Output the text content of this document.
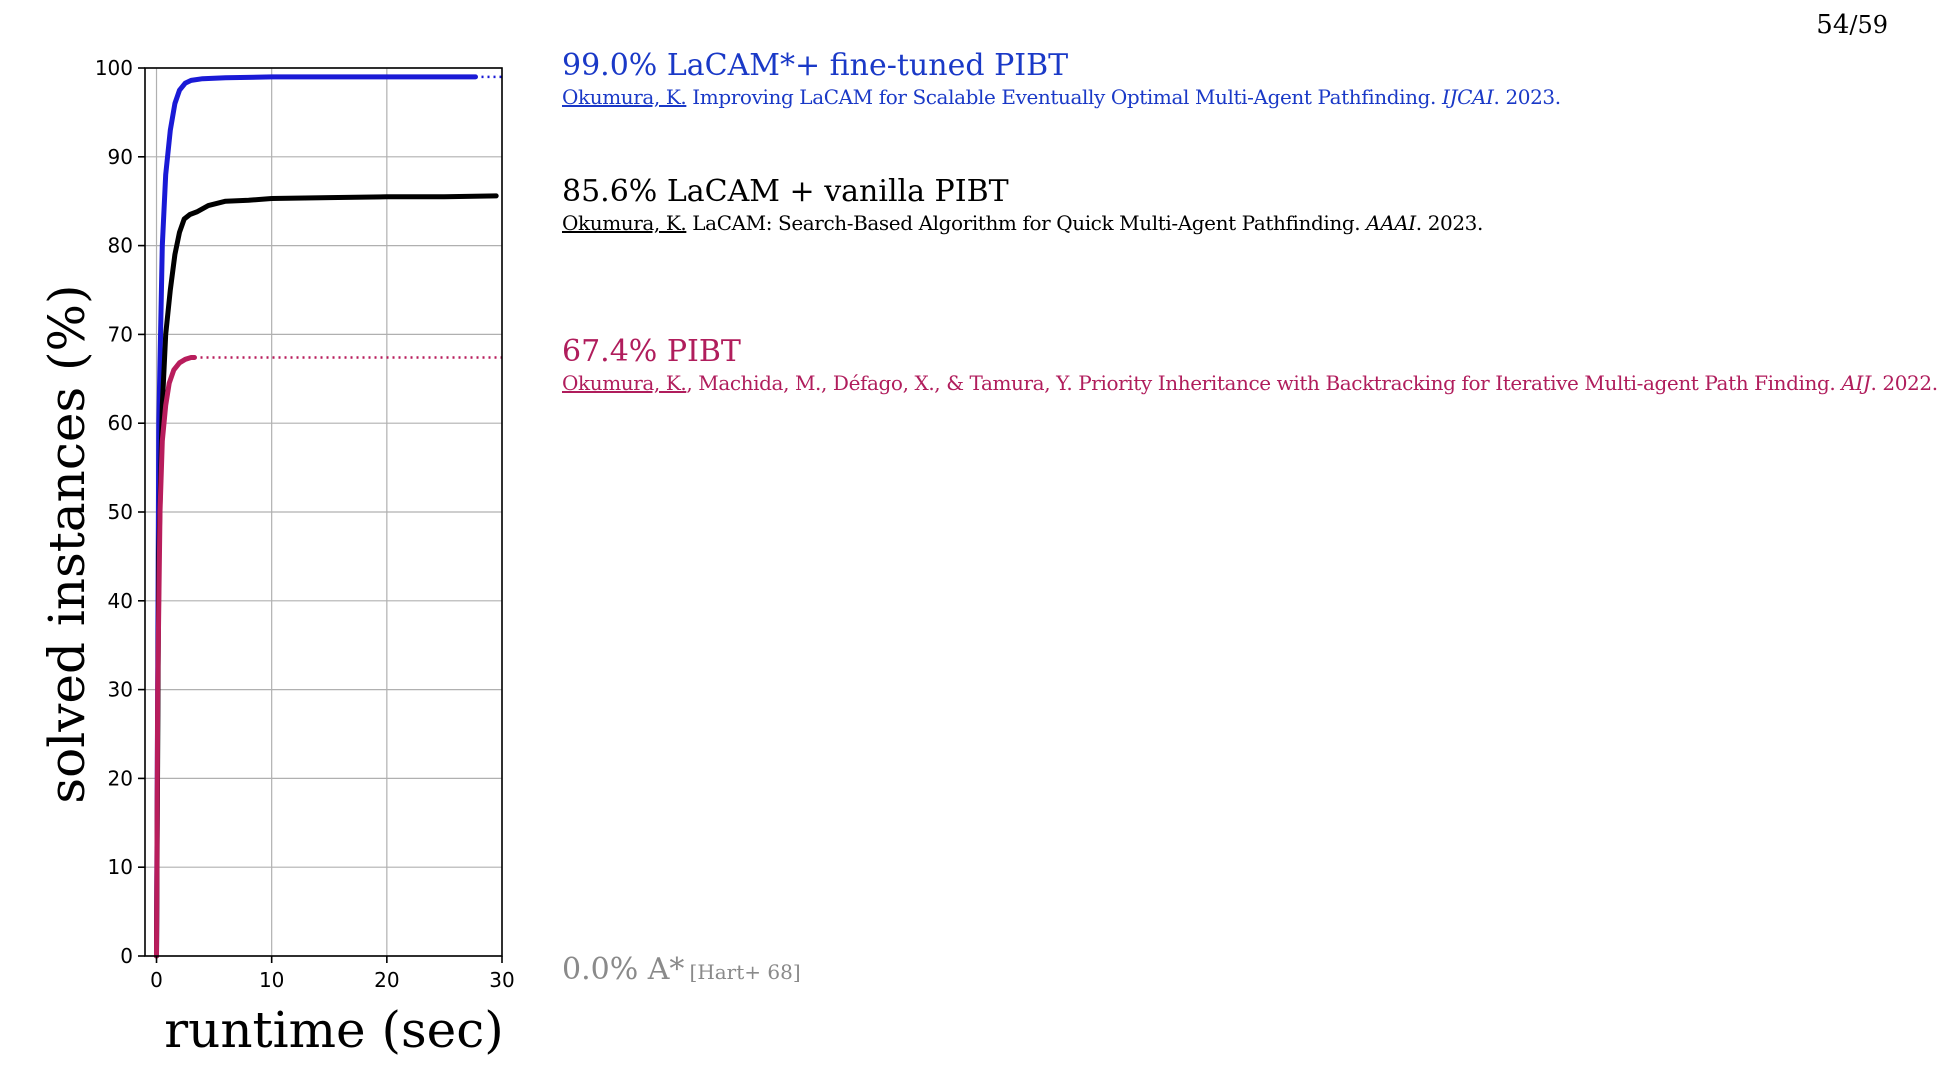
0	10	20	30
0
10
20
30
40
50
60
70
80
90
100
runtime (sec)
solved instances (%)
54/59
99.0% LaCAM*+ fine-tuned PIBT
Okumura, K. Improving LaCAM for Scalable Eventually Optimal Multi-Agent Pathfinding. IJCAI. 2023.
85.6% LaCAM + vanilla PIBT
Okumura, K. LaCAM: Search-Based Algorithm for Quick Multi-Agent Pathfinding. AAAI. 2023.
67.4% PIBT
Okumura, K., Machida, M., Défago, X., & Tamura, Y. Priority Inheritance with Backtracking for Iterative Multi-agent Path Finding. AIJ. 2022.
0.0% A* [Hart+ 68]
